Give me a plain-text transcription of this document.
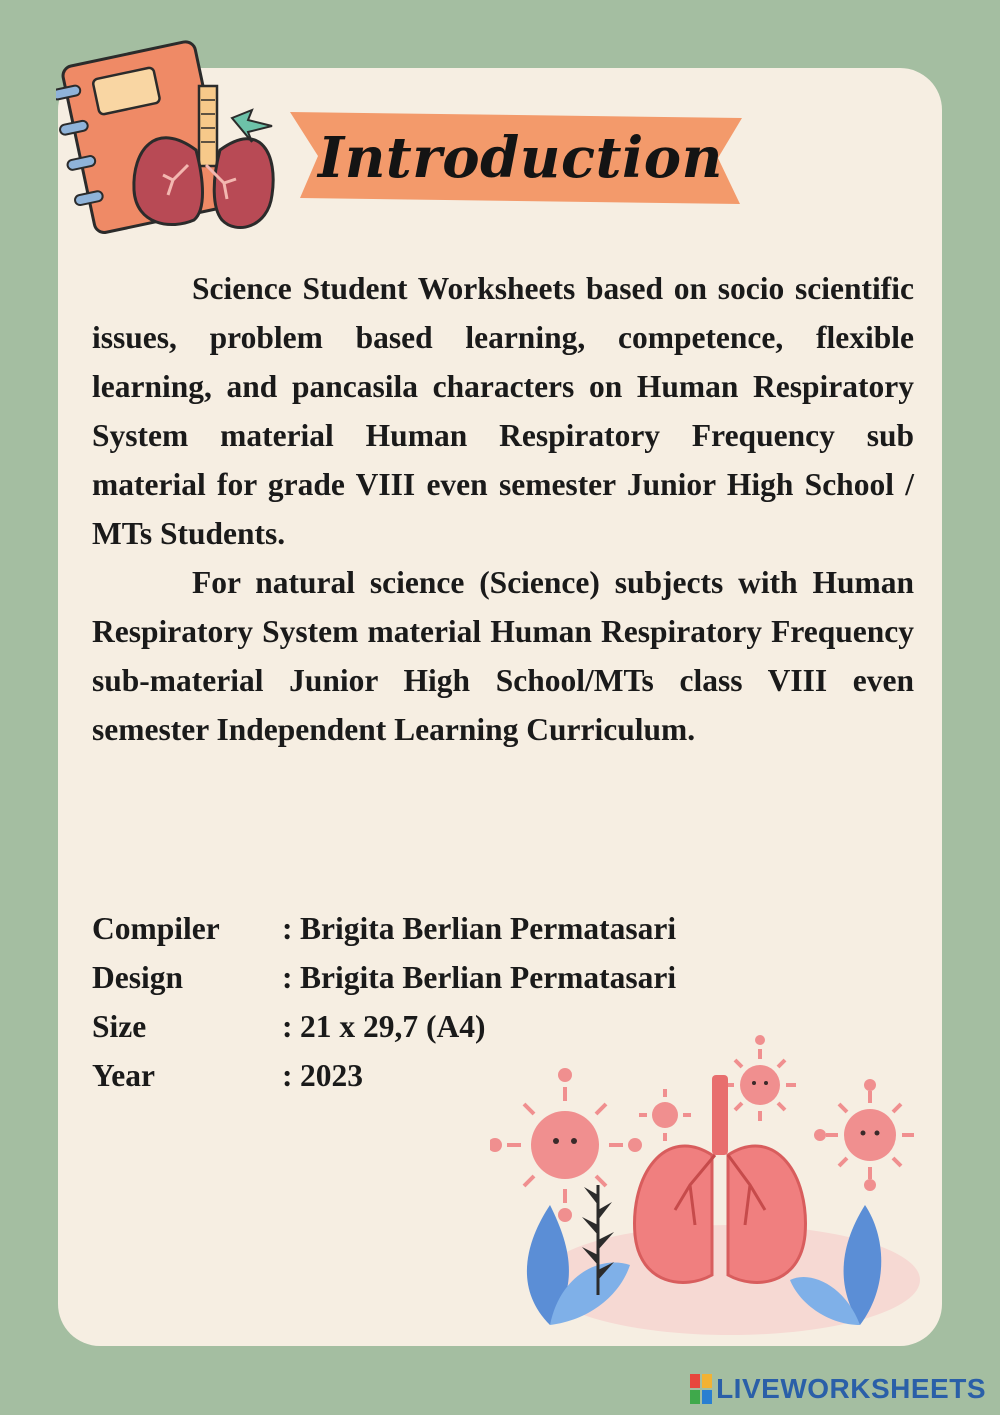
Introduction

Science Student Worksheets based on socio scientific issues, problem based learning, competence, flexible learning, and pancasila characters on Human Respiratory System material Human Respiratory Frequency sub material for grade VIII even semester Junior High School / MTs Students.

For natural science (Science) subjects with Human Respiratory System material Human Respiratory Frequency sub-material Junior High School/MTs class VIII even semester Independent Learning Curriculum.

Compiler	: Brigita Berlian Permatasari
Design	: Brigita Berlian Permatasari
Size	: 21 x 29,7 (A4)
Year	: 2023
LIVEWORKSHEETS
